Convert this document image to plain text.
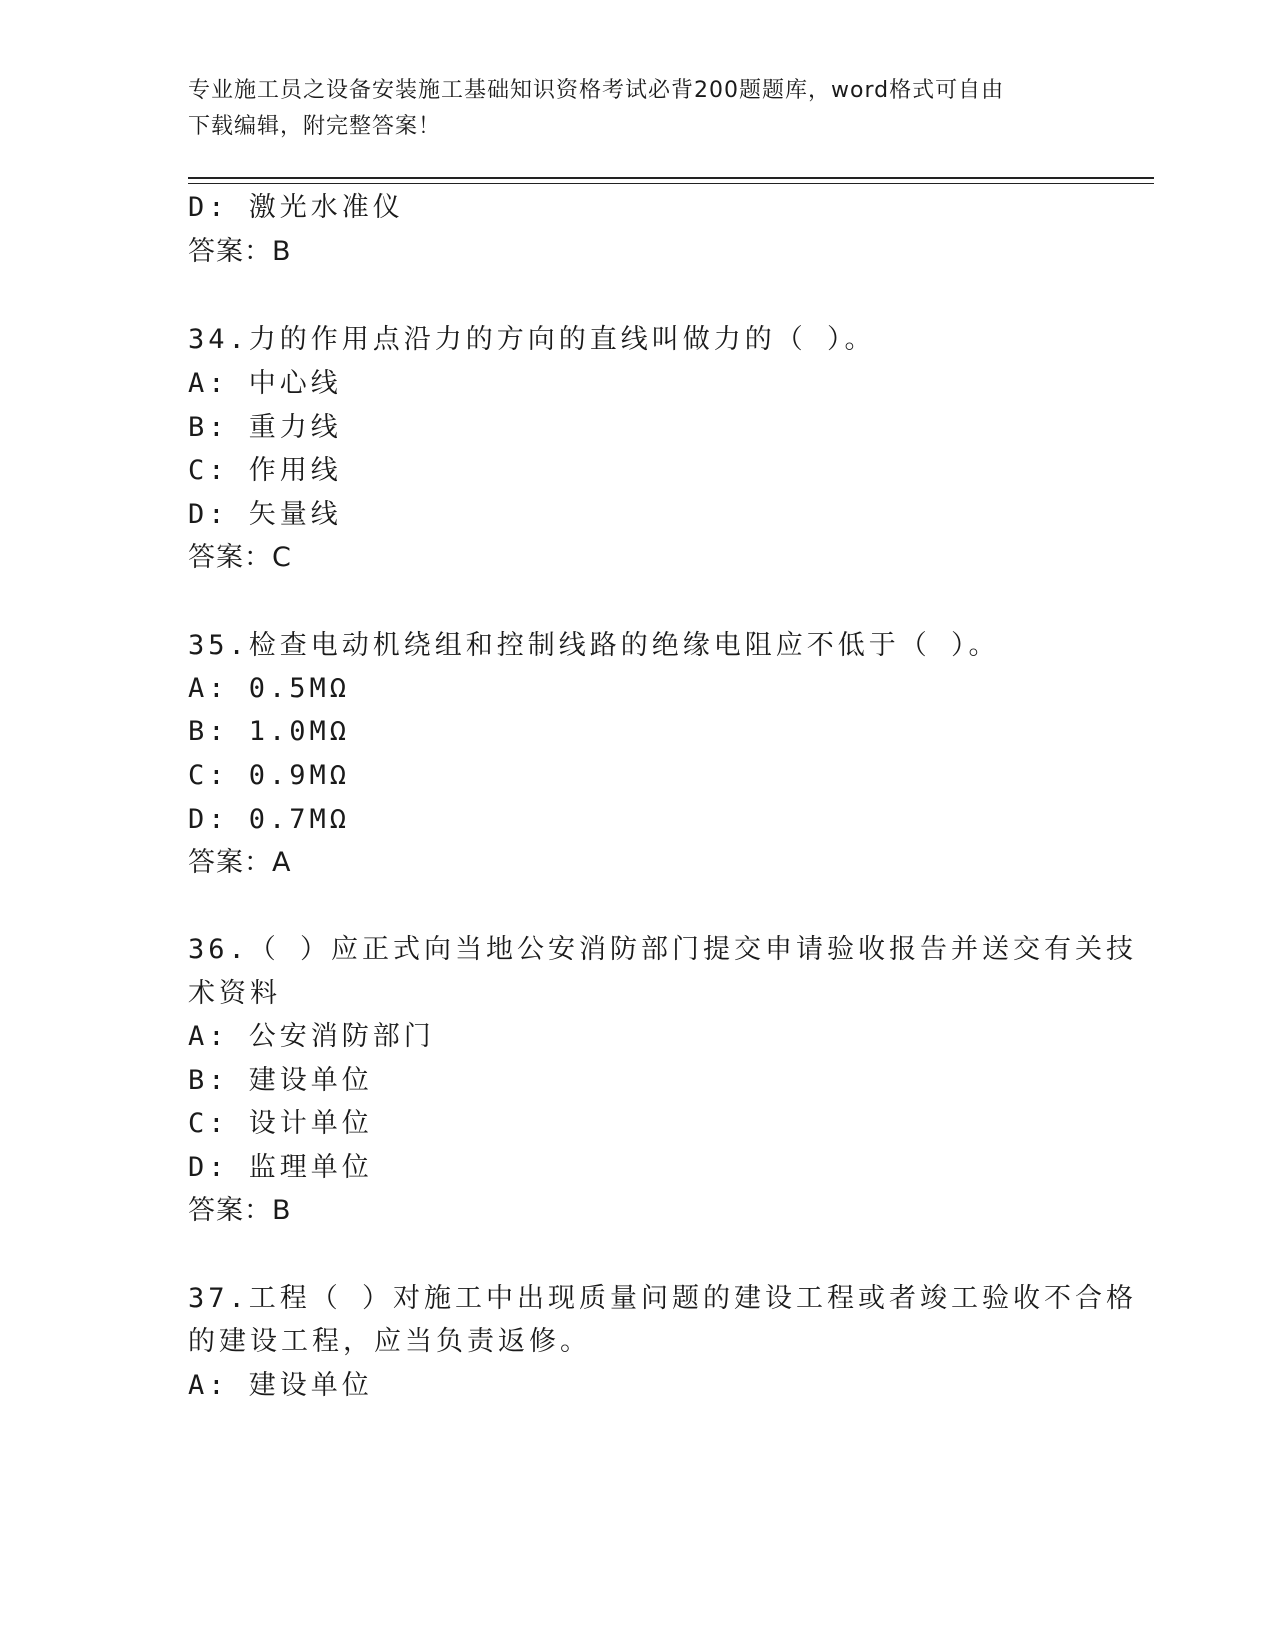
专业施工员之设备安装施工基础知识资格考试必背200题题库，word格式可自由
下载编辑，附完整答案！
D: 激光水准仪
答案：B
34.力的作用点沿力的方向的直线叫做力的（ ）。
A: 中心线
B: 重力线
C: 作用线
D: 矢量线
答案：C
35.检查电动机绕组和控制线路的绝缘电阻应不低于（ ）。
A: 0.5MΩ
B: 1.0MΩ
C: 0.9MΩ
D: 0.7MΩ
答案：A
36.（ ）应正式向当地公安消防部门提交申请验收报告并送交有关技
术资料
A: 公安消防部门
B: 建设单位
C: 设计单位
D: 监理单位
答案：B
37.工程（ ）对施工中出现质量问题的建设工程或者竣工验收不合格
的建设工程，应当负责返修。
A: 建设单位
